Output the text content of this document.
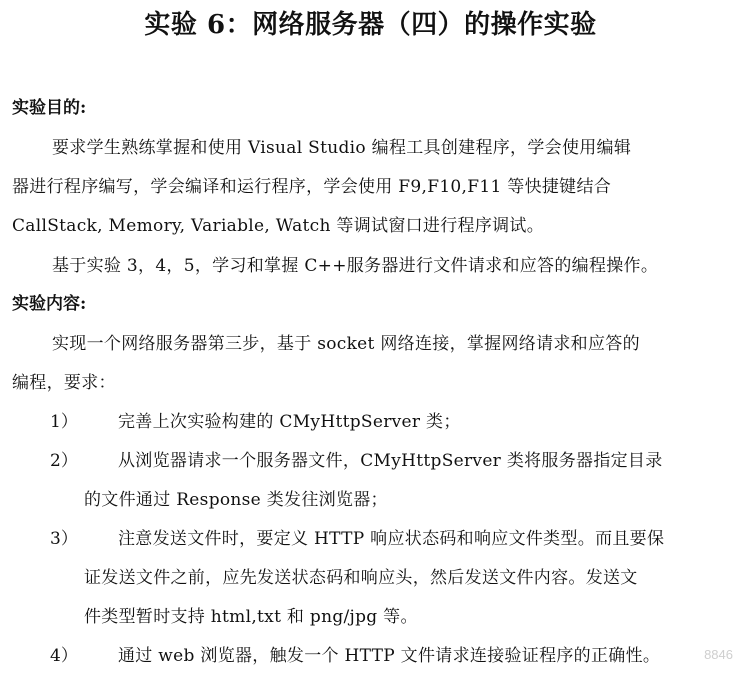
实验 6：网络服务器（四）的操作实验
实验目的:
要求学生熟练掌握和使用 Visual Studio 编程工具创建程序，学会使用编辑
器进行程序编写，学会编译和运行程序，学会使用 F9,F10,F11 等快捷键结合
CallStack, Memory, Variable, Watch 等调试窗口进行程序调试。
基于实验 3，4，5，学习和掌握 C++服务器进行文件请求和应答的编程操作。
实验内容:
实现一个网络服务器第三步，基于 socket 网络连接，掌握网络请求和应答的
编程，要求：
1） 完善上次实验构建的 CMyHttpServer 类；
2） 从浏览器请求一个服务器文件，CMyHttpServer 类将服务器指定目录
的文件通过 Response 类发往浏览器；
3） 注意发送文件时，要定义 HTTP 响应状态码和响应文件类型。而且要保
证发送文件之前，应先发送状态码和响应头，然后发送文件内容。发送文
件类型暂时支持 html,txt 和 png/jpg 等。
4） 通过 web 浏览器，触发一个 HTTP 文件请求连接验证程序的正确性。	8846
